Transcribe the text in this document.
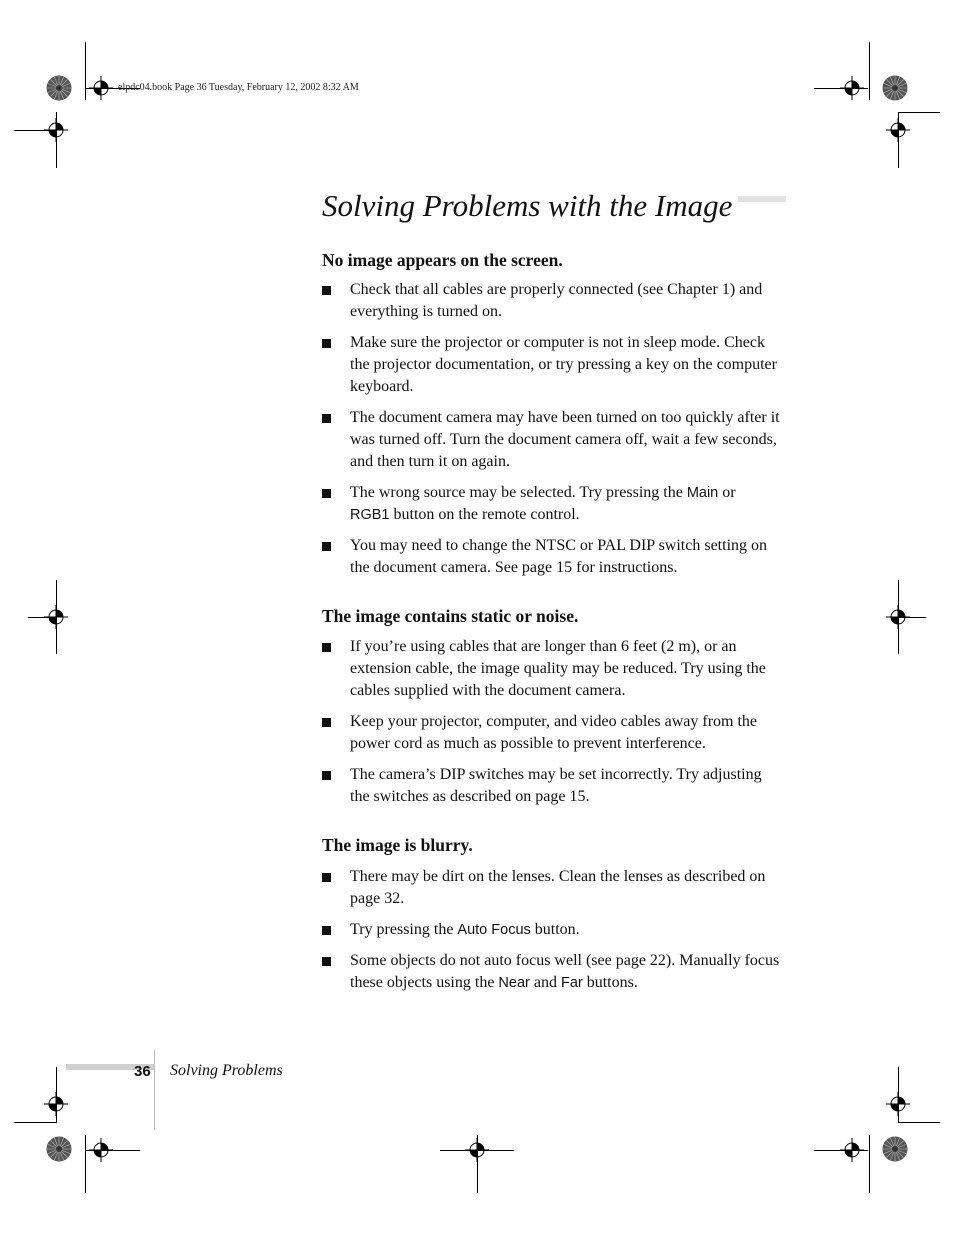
elpdc04.book Page 36 Tuesday, February 12, 2002 8:32 AM
Solving Problems with the Image
No image appears on the screen.
Check that all cables are properly connected (see Chapter 1) and everything is turned on.
Make sure the projector or computer is not in sleep mode. Check the projector documentation, or try pressing a key on the computer keyboard.
The document camera may have been turned on too quickly after it was turned off. Turn the document camera off, wait a few seconds, and then turn it on again.
The wrong source may be selected. Try pressing the Main or
RGB1 button on the remote control.
You may need to change the NTSC or PAL DIP switch setting on the document camera. See page 15 for instructions.
The image contains static or noise.
If you’re using cables that are longer than 6 feet (2 m), or an extension cable, the image quality may be reduced. Try using the cables supplied with the document camera.
Keep your projector, computer, and video cables away from the power cord as much as possible to prevent interference.
The camera’s DIP switches may be set incorrectly. Try adjusting the switches as described on page 15.
The image is blurry.
There may be dirt on the lenses. Clean the lenses as described on page 32.
Try pressing the Auto Focus button.
Some objects do not auto focus well (see page 22). Manually focus these objects using the Near and Far buttons.
36 Solving Problems
